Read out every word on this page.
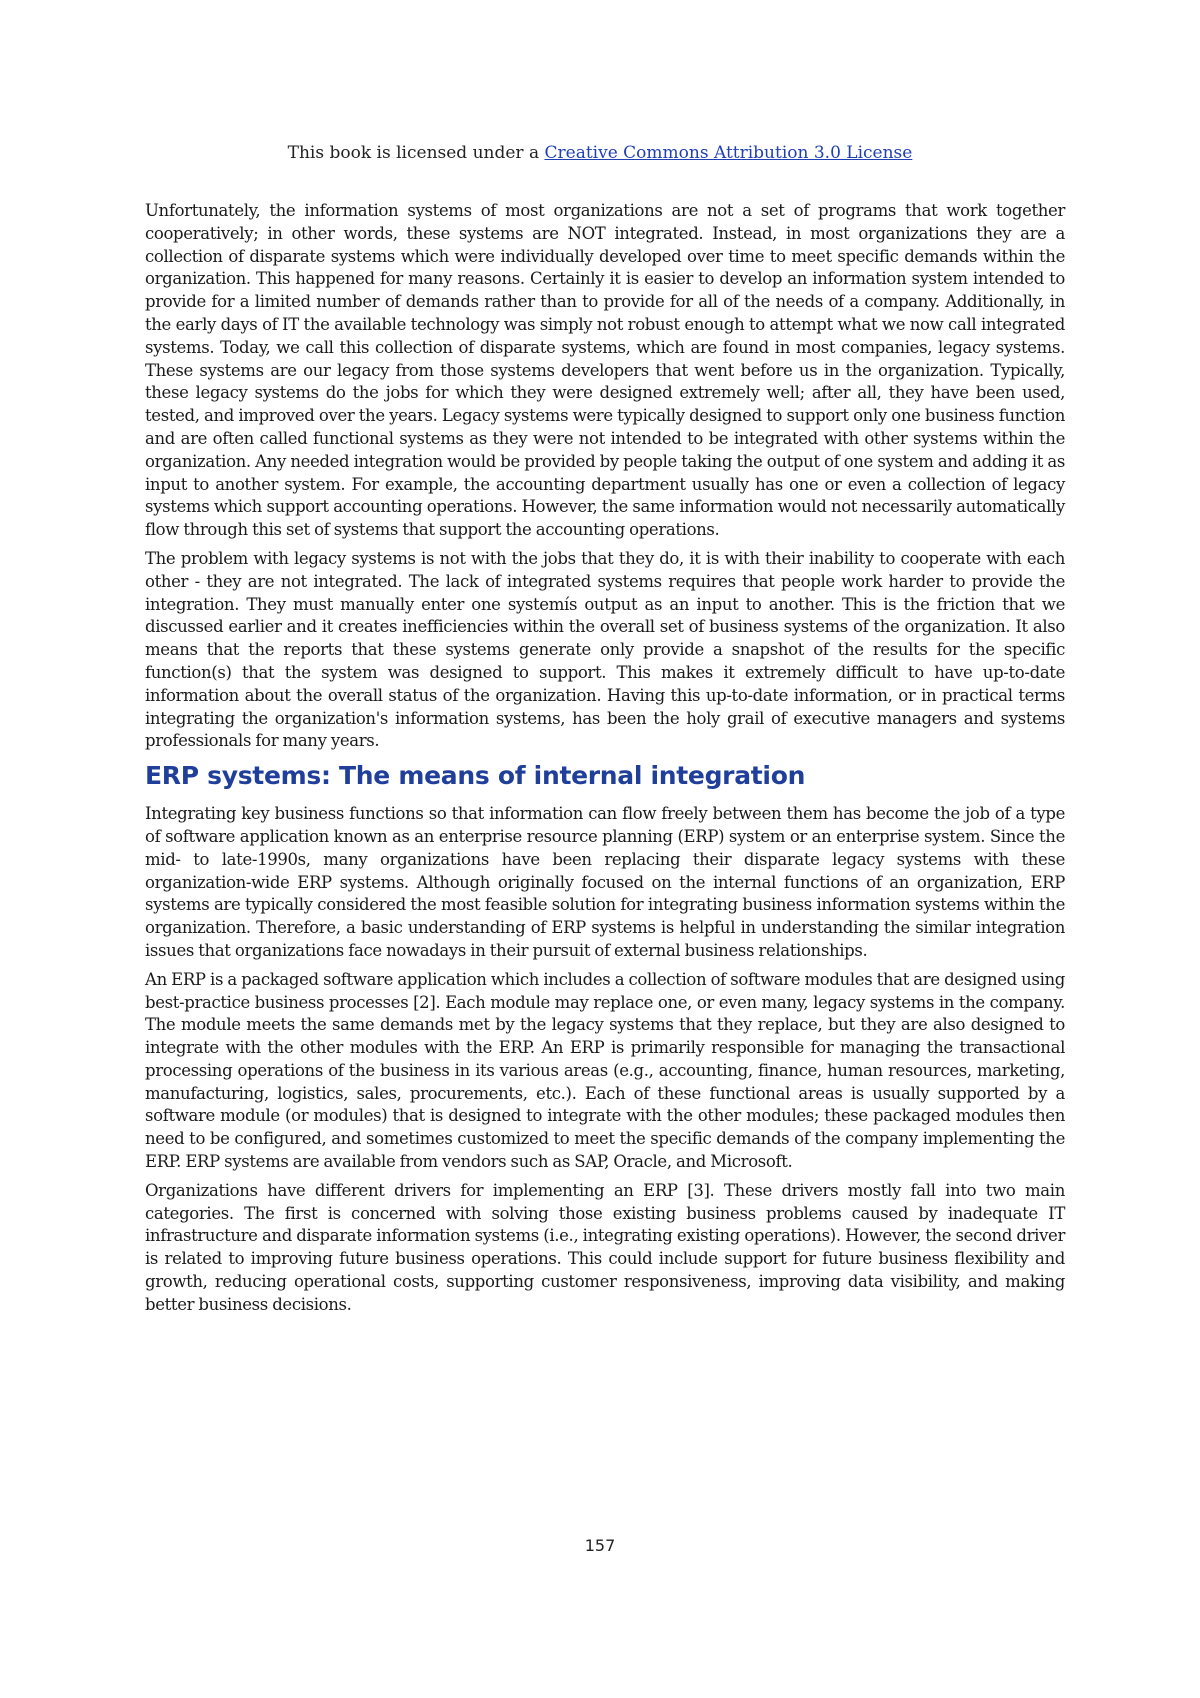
This book is licensed under a Creative Commons Attribution 3.0 License

Unfortunately, the information systems of most organizations are not a set of programs that work together cooperatively; in other words, these systems are NOT integrated. Instead, in most organizations they are a collection of disparate systems which were individually developed over time to meet specific demands within the organization. This happened for many reasons. Certainly it is easier to develop an information system intended to provide for a limited number of demands rather than to provide for all of the needs of a company. Additionally, in the early days of IT the available technology was simply not robust enough to attempt what we now call integrated systems. Today, we call this collection of disparate systems, which are found in most companies, legacy systems. These systems are our legacy from those systems developers that went before us in the organization. Typically, these legacy systems do the jobs for which they were designed extremely well; after all, they have been used, tested, and improved over the years. Legacy systems were typically designed to support only one business function and are often called functional systems as they were not intended to be integrated with other systems within the organization. Any needed integration would be provided by people taking the output of one system and adding it as input to another system. For example, the accounting department usually has one or even a collection of legacy systems which support accounting operations. However, the same information would not necessarily automatically flow through this set of systems that support the accounting operations.

The problem with legacy systems is not with the jobs that they do, it is with their inability to cooperate with each other - they are not integrated. The lack of integrated systems requires that people work harder to provide the integration. They must manually enter one systemís output as an input to another. This is the friction that we discussed earlier and it creates inefficiencies within the overall set of business systems of the organization. It also means that the reports that these systems generate only provide a snapshot of the results for the specific function(s) that the system was designed to support. This makes it extremely difficult to have up-to-date information about the overall status of the organization. Having this up-to-date information, or in practical terms integrating the organization's information systems, has been the holy grail of executive managers and systems professionals for many years.

ERP systems: The means of internal integration

Integrating key business functions so that information can flow freely between them has become the job of a type of software application known as an enterprise resource planning (ERP) system or an enterprise system. Since the mid- to late-1990s, many organizations have been replacing their disparate legacy systems with these organization-wide ERP systems. Although originally focused on the internal functions of an organization, ERP systems are typically considered the most feasible solution for integrating business information systems within the organization. Therefore, a basic understanding of ERP systems is helpful in understanding the similar integration issues that organizations face nowadays in their pursuit of external business relationships.

An ERP is a packaged software application which includes a collection of software modules that are designed using best-practice business processes [2]. Each module may replace one, or even many, legacy systems in the company. The module meets the same demands met by the legacy systems that they replace, but they are also designed to integrate with the other modules with the ERP. An ERP is primarily responsible for managing the transactional processing operations of the business in its various areas (e.g., accounting, finance, human resources, marketing, manufacturing, logistics, sales, procurements, etc.). Each of these functional areas is usually supported by a software module (or modules) that is designed to integrate with the other modules; these packaged modules then need to be configured, and sometimes customized to meet the specific demands of the company implementing the ERP. ERP systems are available from vendors such as SAP, Oracle, and Microsoft.

Organizations have different drivers for implementing an ERP [3]. These drivers mostly fall into two main categories. The first is concerned with solving those existing business problems caused by inadequate IT infrastructure and disparate information systems (i.e., integrating existing operations). However, the second driver is related to improving future business operations. This could include support for future business flexibility and growth, reducing operational costs, supporting customer responsiveness, improving data visibility, and making better business decisions.

157
